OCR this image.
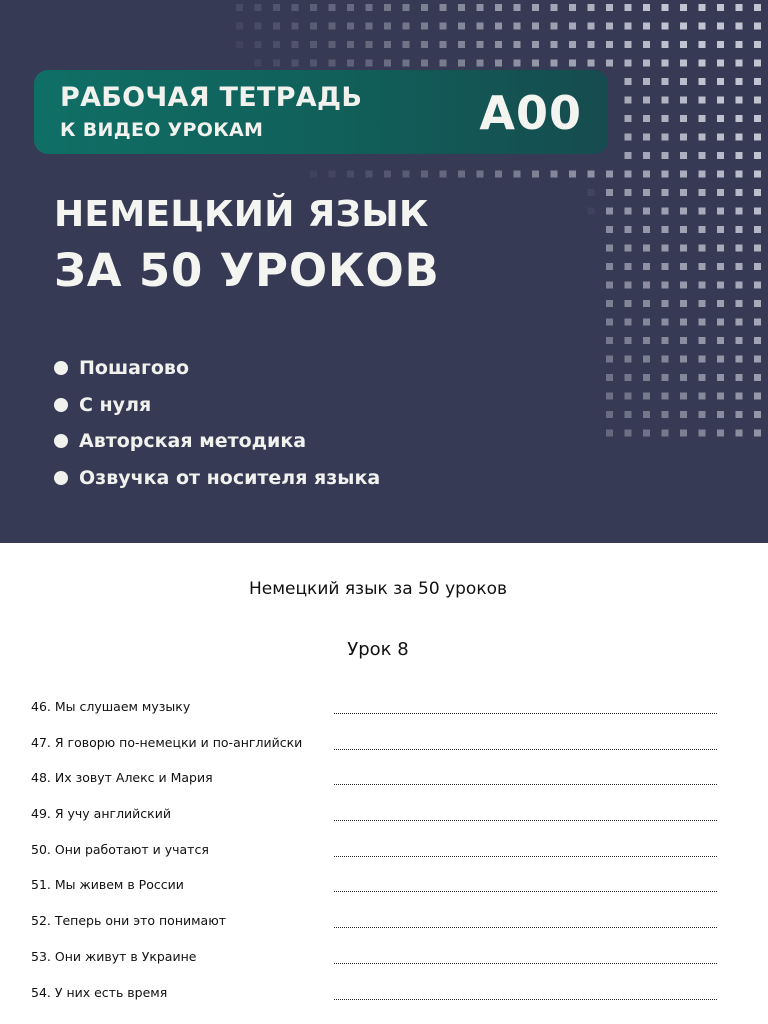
РАБОЧАЯ ТЕТРАДЬ
К ВИДЕО УРОКАМ	A00
НЕМЕЦКИЙ ЯЗЫК
ЗА 50 УРОКОВ
Пошагово
С нуля
Авторская методика
Озвучка от носителя языка
Немецкий язык за 50 уроков
Урок 8
46. Мы слушаем музыку
47. Я говорю по-немецки и по-английски
48. Их зовут Алекс и Мария
49. Я учу английский
50. Они работают и учатся
51. Мы живем в России
52. Теперь они это понимают
53. Они живут в Украине
54. У них есть время
